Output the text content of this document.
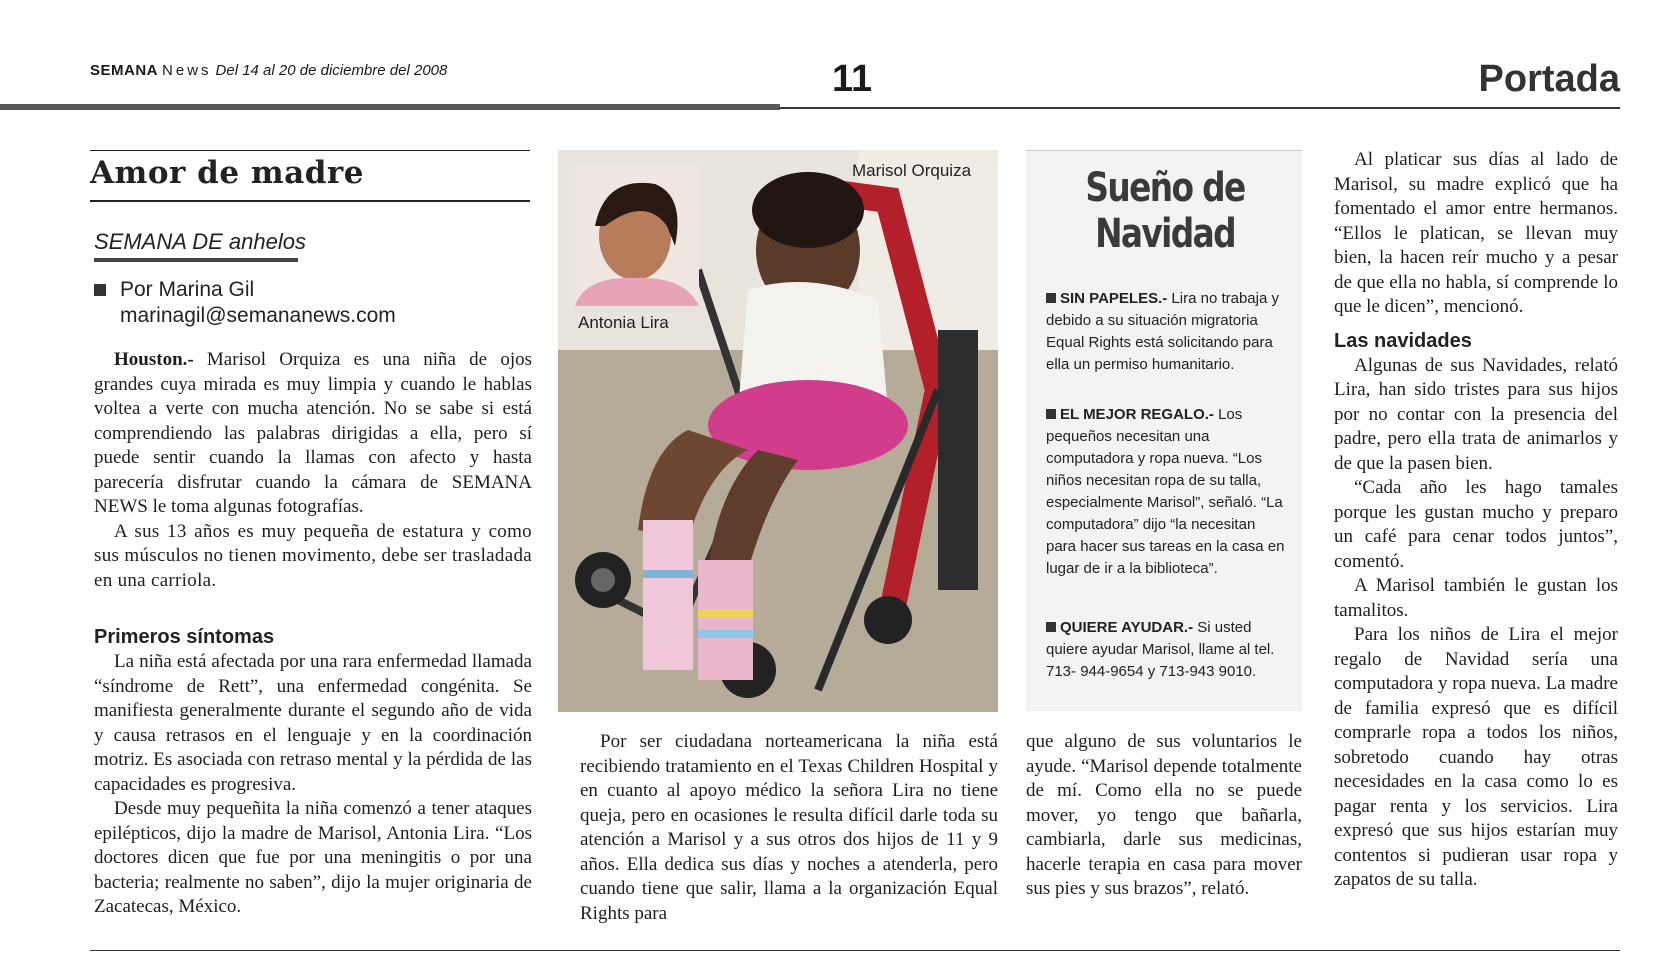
SEMANA News Del 14 al 20 de diciembre del 2008	11	Portada
Amor de madre
SEMANA DE anhelos
Por Marina Gil
marinagil@semananews.com

Houston.- Marisol Orquiza es una niña de ojos grandes cuya mirada es muy limpia y cuando le hablas voltea a verte con mucha atención. No se sabe si está comprendiendo las palabras dirigidas a ella, pero sí puede sentir cuando la llamas con afecto y hasta parecería disfrutar cuando la cámara de SEMANA NEWS le toma algunas fotografías.

A sus 13 años es muy pequeña de estatura y como sus músculos no tienen movimento, debe ser trasladada en una carriola.

Primeros síntomas

La niña está afectada por una rara enfermedad llamada “síndrome de Rett”, una enfermedad congénita. Se manifiesta generalmente durante el segundo año de vida y causa retrasos en el lenguaje y en la coordinación motriz. Es asociada con retraso mental y la pérdida de las capacidades es progresiva.

Desde muy pequeñita la niña comenzó a tener ataques epilépticos, dijo la madre de Marisol, Antonia Lira. “Los doctores dicen que fue por una meningitis o por una bacteria; realmente no saben”, dijo la mujer originaria de Zacatecas, México.

Marisol Orquiza
Antonia Lira

Por ser ciudadana norteamericana la niña está recibiendo tratamiento en el Texas Children Hospital y en cuanto al apoyo médico la señora Lira no tiene queja, pero en ocasiones le resulta difícil darle toda su atención a Marisol y a sus otros dos hijos de 11 y 9 años. Ella dedica sus días y noches a atenderla, pero cuando tiene que salir, llama a la organización Equal Rights para

Sueño de
Navidad
SIN PAPELES.- Lira no trabaja y debido a su situación migratoria Equal Rights está solicitando para ella un permiso humanitario.
EL MEJOR REGALO.- Los pequeños necesitan una computadora y ropa nueva. “Los niños necesitan ropa de su talla, especialmente Marisol”, señaló. “La computadora” dijo “la necesitan para hacer sus tareas en la casa en lugar de ir a la biblioteca”.
QUIERE AYUDAR.- Si usted quiere ayudar Marisol, llame al tel. 713- 944-9654 y 713-943 9010.

que alguno de sus voluntarios le ayude. “Marisol depende totalmente de mí. Como ella no se puede mover, yo tengo que bañarla, cambiarla, darle sus medicinas, hacerle terapia en casa para mover sus pies y sus brazos”, relató.

Al platicar sus días al lado de Marisol, su madre explicó que ha fomentado el amor entre hermanos. “Ellos le platican, se llevan muy bien, la hacen reír mucho y a pesar de que ella no habla, sí comprende lo que le dicen”, mencionó.

Las navidades

Algunas de sus Navidades, relató Lira, han sido tristes para sus hijos por no contar con la presencia del padre, pero ella trata de animarlos y de que la pasen bien.

“Cada año les hago tamales porque les gustan mucho y preparo un café para cenar todos juntos”, comentó.

A Marisol también le gustan los tamalitos.

Para los niños de Lira el mejor regalo de Navidad sería una computadora y ropa nueva. La madre de familia expresó que es difícil comprarle ropa a todos los niños, sobretodo cuando hay otras necesidades en la casa como lo es pagar renta y los servicios. Lira expresó que sus hijos estarían muy contentos si pudieran usar ropa y zapatos de su talla.
